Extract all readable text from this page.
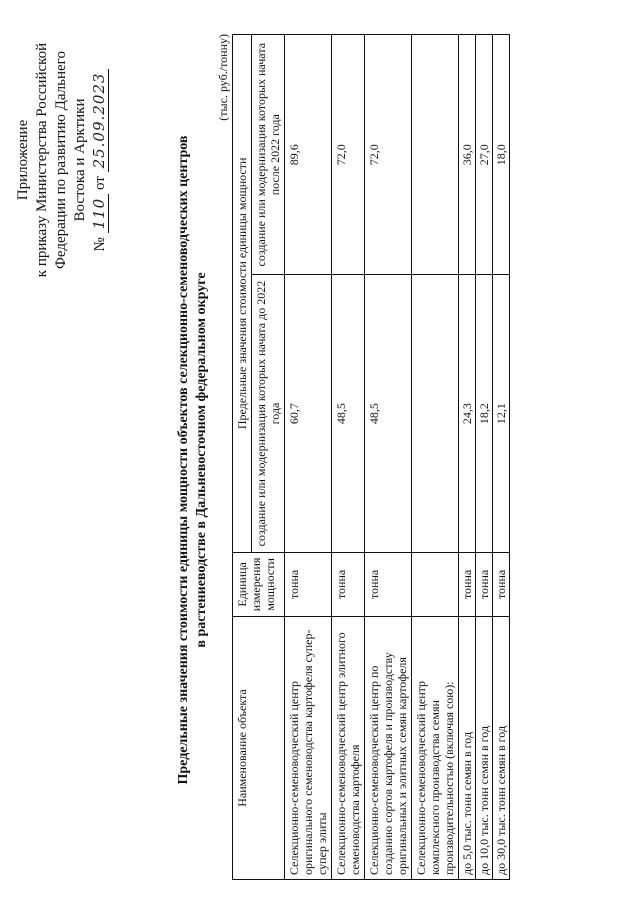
Приложение к приказу Министерства Российской Федерации по развитию Дальнего Востока и Арктики
№ 110 от 25.09.2023
Предельные значения стоимости единицы мощности объектов селекционно-семеноводческих центров в растениеводстве в Дальневосточном федеральном округе
(тыс. руб./тонну)
Наименование объекта	Единица измерения мощности	Предельные значения стоимости единицы мощности	
		создание или модернизация которых начата до 2022 года	создание или модернизация которых начата после 2022 года
Селекционно-семеноводческий центр оригинального семеноводства картофеля супер-супер элиты	тонна	60,7	89,6
Селекционно-семеноводческий центр элитного семеноводства картофеля	тонна	48,5	72,0
Селекционно-семеноводческий центр по созданию сортов картофеля и производству оригинальных и элитных семян картофеля	тонна	48,5	72,0
Селекционно-семеноводческий центр комплексного производства семян производительностью (включая сою):			
до 5,0 тыс. тонн семян в год	тонна	24,3	36,0
до 10,0 тыс. тонн семян в год	тонна	18,2	27,0
до 30,0 тыс. тонн семян в год	тонна	12,1	18,0
